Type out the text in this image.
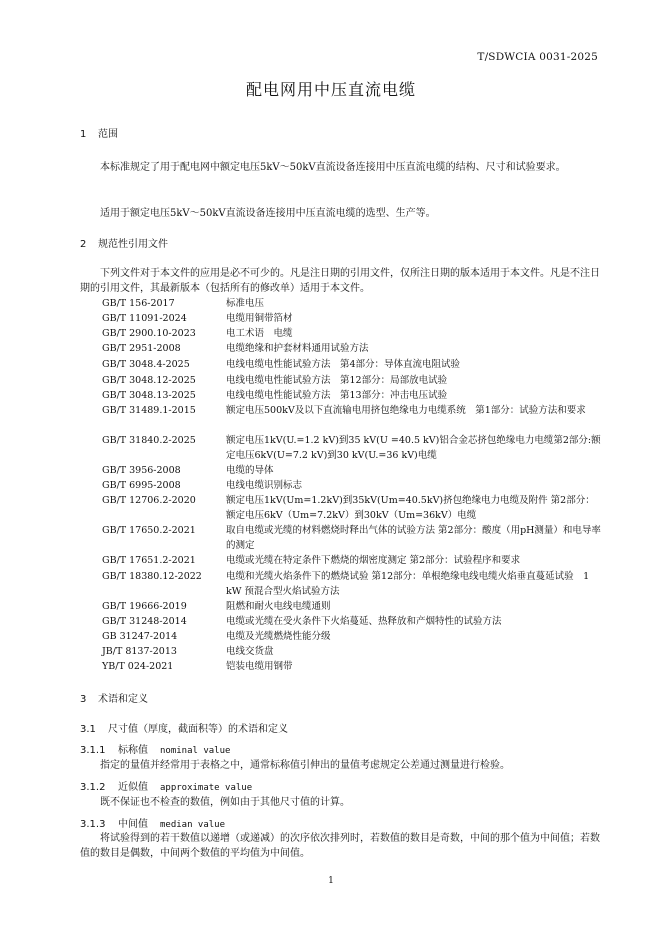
T/SDWCIA 0031-2025
配电网用中压直流电缆
1 范围
本标准规定了用于配电网中额定电压5kV～50kV直流设备连接用中压直流电缆的结构、尺寸和试验要求。
适用于额定电压5kV～50kV直流设备连接用中压直流电缆的选型、生产等。
2 规范性引用文件
下列文件对于本文件的应用是必不可少的。凡是注日期的引用文件，仅所注日期的版本适用于本文件。凡是不注日期的引用文件，其最新版本（包括所有的修改单）适用于本文件。
GB/T 156-2017	标准电压
GB/T 11091-2024	电缆用铜带箔材
GB/T 2900.10-2023	电工术语　电缆
GB/T 2951-2008	电缆绝缘和护套材料通用试验方法
GB/T 3048.4-2025	电线电缆电性能试验方法　第4部分：导体直流电阻试验
GB/T 3048.12-2025	电线电缆电性能试验方法　第12部分：局部放电试验
GB/T 3048.13-2025	电线电缆电性能试验方法　第13部分：冲击电压试验
GB/T 31489.1-2015	额定电压500kV及以下直流输电用挤包绝缘电力电缆系统　第1部分：试验方法和要求
GB/T 31840.2-2025	额定电压1kV(U.=1.2 kV)到35 kV(U =40.5 kV)铝合金芯挤包绝缘电力电缆第2部分:额定电压6kV(U=7.2 kV)到30 kV(U.=36 kV)电缆
GB/T 3956-2008	电缆的导体
GB/T 6995-2008	电线电缆识别标志
GB/T 12706.2-2020	额定电压1kV(Um=1.2kV)到35kV(Um=40.5kV)挤包绝缘电力电缆及附件 第2部分：额定电压6kV（Um=7.2kV）到30kV（Um=36kV）电缆
GB/T 17650.2-2021	取自电缆或光缆的材料燃烧时释出气体的试验方法 第2部分：酸度（用pH测量）和电导率的测定
GB/T 17651.2-2021	电缆或光缆在特定条件下燃烧的烟密度测定 第2部分：试验程序和要求
GB/T 18380.12-2022	电缆和光缆火焰条件下的燃烧试验 第12部分：单根绝缘电线电缆火焰垂直蔓延试验　1 kW 预混合型火焰试验方法
GB/T 19666-2019	阻燃和耐火电线电缆通则
GB/T 31248-2014	电缆或光缆在受火条件下火焰蔓延、热释放和产烟特性的试验方法
GB 31247-2014	电缆及光缆燃烧性能分级
JB/T 8137-2013	电线交货盘
YB/T 024-2021	铠装电缆用钢带
3 术语和定义
3.1 尺寸值（厚度，截面积等）的术语和定义
3.1.1 标称值 nominal value
指定的量值并经常用于表格之中，通常标称值引伸出的量值考虑规定公差通过测量进行检验。
3.1.2 近似值 approximate value
既不保证也不检查的数值，例如由于其他尺寸值的计算。
3.1.3 中间值 median value
将试验得到的若干数值以递增（或递减）的次序依次排列时，若数值的数目是奇数，中间的那个值为中间值；若数值的数目是偶数，中间两个数值的平均值为中间值。
1
